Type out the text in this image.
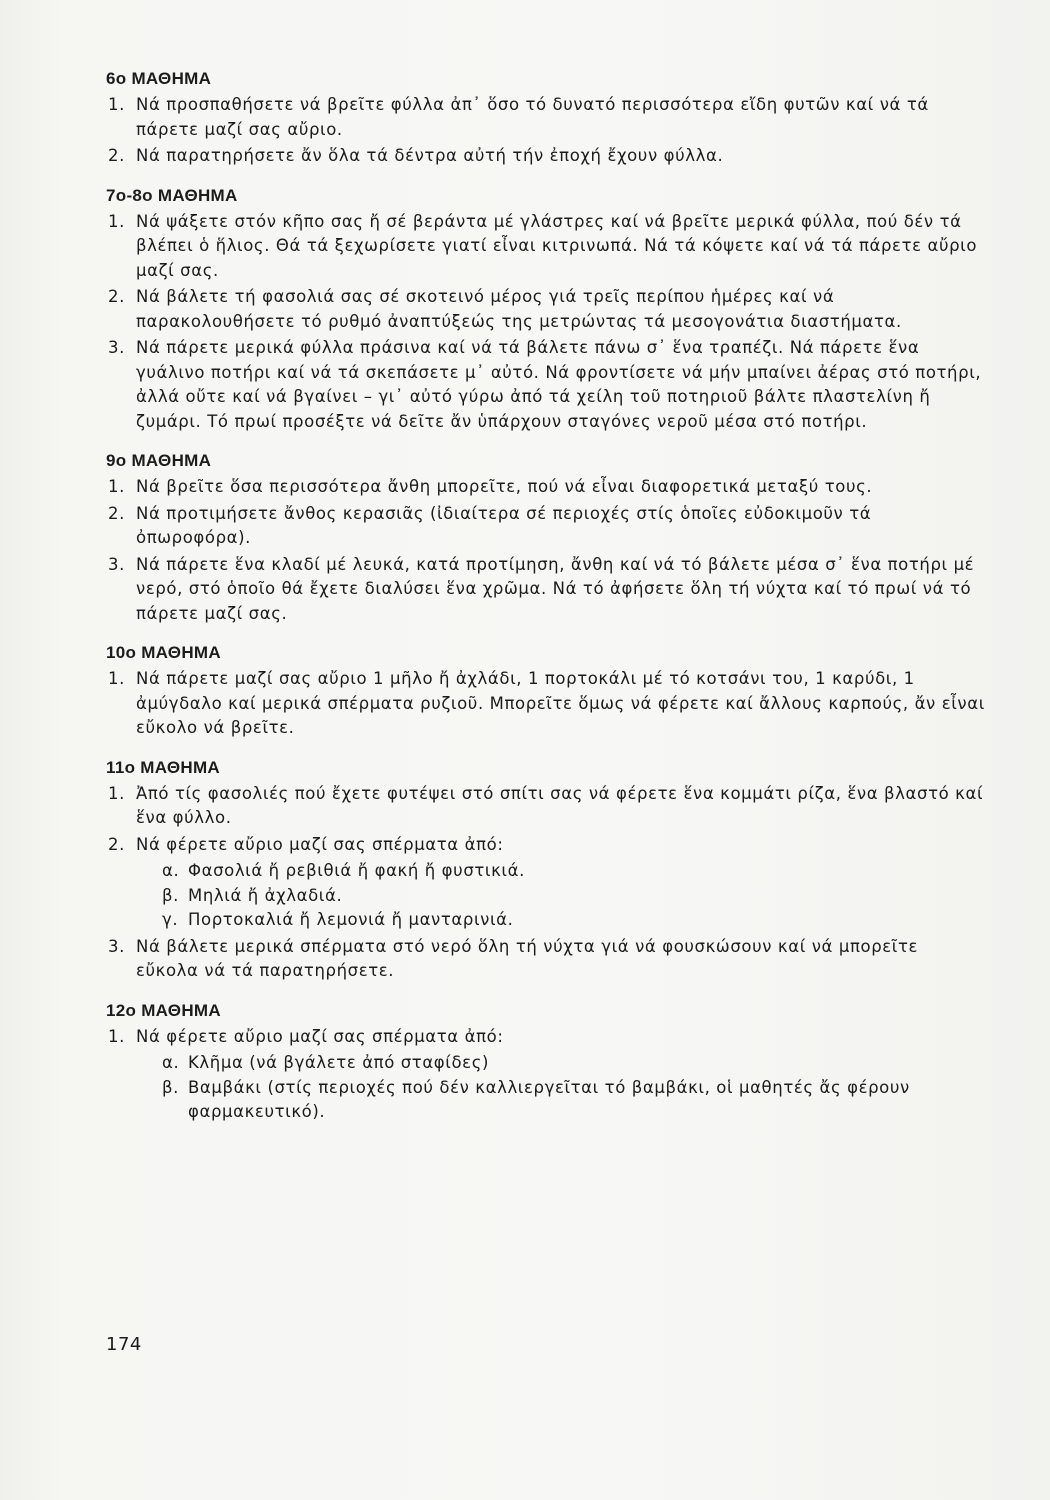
6ο ΜΑΘΗΜΑ
1. Νά προσπαθήσετε νά βρεῖτε φύλλα ἀπ᾽ ὅσο τό δυνατό περισσότερα εἴδη φυτῶν καί νά τά πάρετε μαζί σας αὔριο.
2. Νά παρατηρήσετε ἄν ὅλα τά δέντρα αὐτή τήν ἐποχή ἔχουν φύλλα.
7ο-8ο ΜΑΘΗΜΑ
1. Νά ψάξετε στόν κῆπο σας ἤ σέ βεράντα μέ γλάστρες καί νά βρεῖτε μερικά φύλλα, πού δέν τά βλέπει ὁ ἥλιος. Θά τά ξεχωρίσετε γιατί εἶναι κιτρινωπά. Νά τά κόψετε καί νά τά πάρετε αὔριο μαζί σας.
2. Νά βάλετε τή φασολιά σας σέ σκοτεινό μέρος γιά τρεῖς περίπου ἡμέρες καί νά παρακολουθήσετε τό ρυθμό ἀναπτύξεώς της μετρώντας τά μεσογονάτια διαστήματα.
3. Νά πάρετε μερικά φύλλα πράσινα καί νά τά βάλετε πάνω σ᾽ ἕνα τραπέζι. Νά πάρετε ἕνα γυάλινο ποτήρι καί νά τά σκεπάσετε μ᾽ αὐτό. Νά φροντίσετε νά μήν μπαίνει ἀέρας στό ποτήρι, ἀλλά οὔτε καί νά βγαίνει – γι᾽ αὐτό γύρω ἀπό τά χείλη τοῦ ποτηριοῦ βάλτε πλαστελίνη ἤ ζυμάρι. Τό πρωί προσέξτε νά δεῖτε ἄν ὑπάρχουν σταγόνες νεροῦ μέσα στό ποτήρι.
9ο ΜΑΘΗΜΑ
1. Νά βρεῖτε ὅσα περισσότερα ἄνθη μπορεῖτε, πού νά εἶναι διαφορετικά μεταξύ τους.
2. Νά προτιμήσετε ἄνθος κερασιᾶς (ἰδιαίτερα σέ περιοχές στίς ὁποῖες εὐδοκιμοῦν τά ὀπωροφόρα).
3. Νά πάρετε ἕνα κλαδί μέ λευκά, κατά προτίμηση, ἄνθη καί νά τό βάλετε μέσα σ᾽ ἕνα ποτήρι μέ νερό, στό ὁποῖο θά ἔχετε διαλύσει ἕνα χρῶμα. Νά τό ἀφήσετε ὅλη τή νύχτα καί τό πρωί νά τό πάρετε μαζί σας.
10ο ΜΑΘΗΜΑ
1. Νά πάρετε μαζί σας αὔριο 1 μῆλο ἤ ἀχλάδι, 1 πορτοκάλι μέ τό κοτσάνι του, 1 καρύδι, 1 ἀμύγδαλο καί μερικά σπέρματα ρυζιοῦ. Μπορεῖτε ὅμως νά φέρετε καί ἄλλους καρπούς, ἄν εἶναι εὔκολο νά βρεῖτε.
11ο ΜΑΘΗΜΑ
1. Ἀπό τίς φασολιές πού ἔχετε φυτέψει στό σπίτι σας νά φέρετε ἕνα κομμάτι ρίζα, ἕνα βλαστό καί ἕνα φύλλο.
2. Νά φέρετε αὔριο μαζί σας σπέρματα ἀπό:
α. Φασολιά ἤ ρεβιθιά ἤ φακή ἤ φυστικιά.
β. Μηλιά ἤ ἀχλαδιά.
γ. Πορτοκαλιά ἤ λεμονιά ἤ μανταρινιά.
3. Νά βάλετε μερικά σπέρματα στό νερό ὅλη τή νύχτα γιά νά φουσκώσουν καί νά μπορεῖτε εὔκολα νά τά παρατηρήσετε.
12ο ΜΑΘΗΜΑ
1. Νά φέρετε αὔριο μαζί σας σπέρματα ἀπό:
α. Κλῆμα (νά βγάλετε ἀπό σταφίδες)
β. Βαμβάκι (στίς περιοχές πού δέν καλλιεργεῖται τό βαμβάκι, οἱ μαθητές ἄς φέρουν φαρμακευτικό).
174
